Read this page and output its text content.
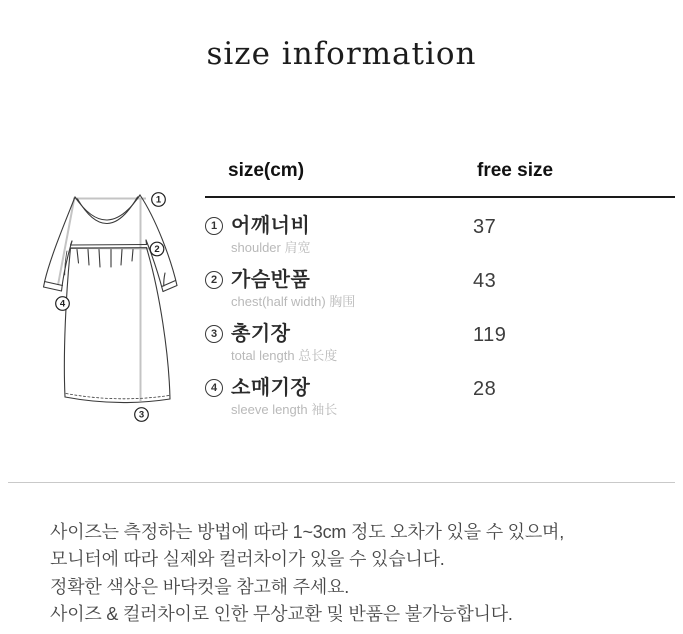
size information
1
2
3
4
size(cm)	free size
1 어깨너비
shoulder 肩宽
37
2 가슴반품
chest(half width) 胸围
43
3 총기장
total length 总长度
119
4 소매기장
sleeve length 袖长
28
사이즈는 측정하는 방법에 따라 1~3cm 정도 오차가 있을 수 있으며,
모니터에 따라 실제와 컬러차이가 있을 수 있습니다.
정확한 색상은 바닥컷을 참고해 주세요.
사이즈 & 컬러차이로 인한 무상교환 및 반품은 불가능합니다.
